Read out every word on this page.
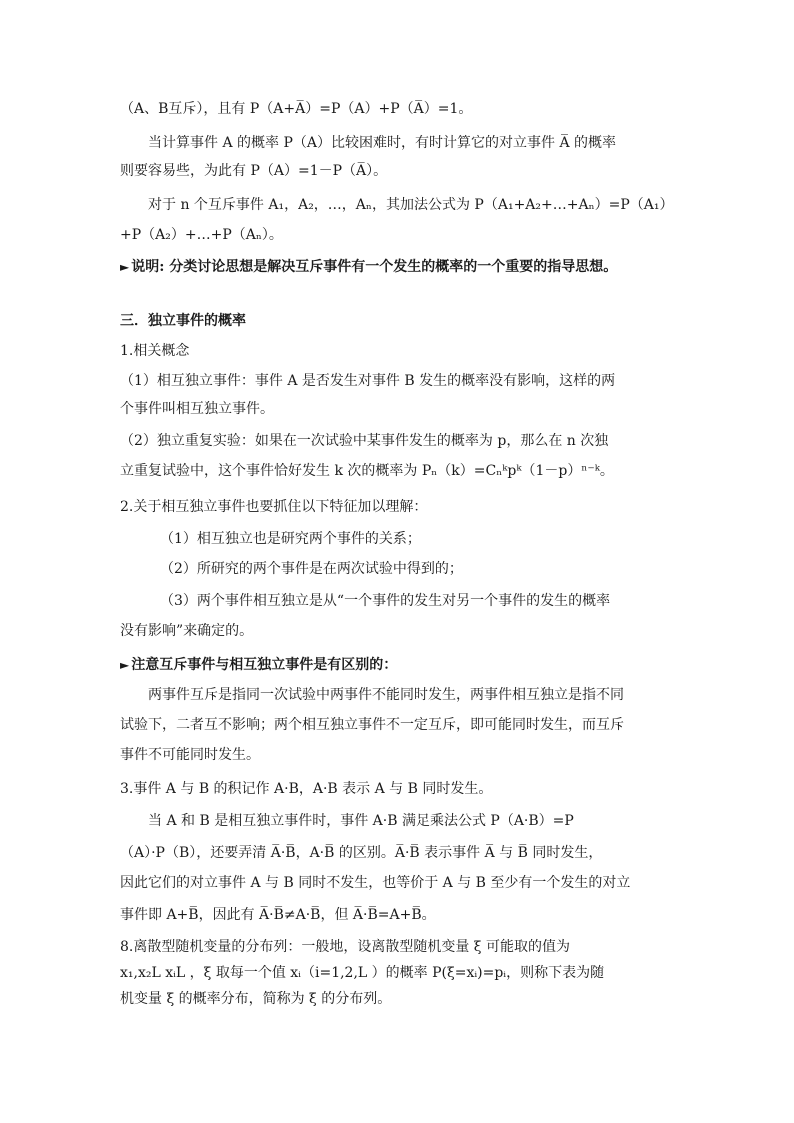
（A、B互斥），且有 P（A+A̅）=P（A）+P（A̅）=1。
当计算事件 A 的概率 P（A）比较困难时，有时计算它的对立事件 A̅ 的概率
则要容易些，为此有 P（A）=1－P（A̅）。
对于 n 个互斥事件 A₁，A₂，…，Aₙ，其加法公式为 P（A₁+A₂+…+Aₙ）=P（A₁）
+P（A₂）+…+P（Aₙ）。
► 说明: 分类讨论思想是解决互斥事件有一个发生的概率的一个重要的指导思想。
三．独立事件的概率
1.相关概念
（1）相互独立事件：事件 A 是否发生对事件 B 发生的概率没有影响，这样的两
个事件叫相互独立事件。
（2）独立重复实验：如果在一次试验中某事件发生的概率为 p，那么在 n 次独
立重复试验中，这个事件恰好发生 k 次的概率为 Pₙ（k）=Cₙᵏpᵏ（1－p）ⁿ⁻ᵏ。
2.关于相互独立事件也要抓住以下特征加以理解：
（1）相互独立也是研究两个事件的关系；
（2）所研究的两个事件是在两次试验中得到的；
（3）两个事件相互独立是从“一个事件的发生对另一个事件的发生的概率
没有影响”来确定的。
► 注意互斥事件与相互独立事件是有区别的：
两事件互斥是指同一次试验中两事件不能同时发生，两事件相互独立是指不同
试验下，二者互不影响；两个相互独立事件不一定互斥，即可能同时发生，而互斥
事件不可能同时发生。
3.事件 A 与 B 的积记作 A·B，A·B 表示 A 与 B 同时发生。
当 A 和 B 是相互独立事件时，事件 A·B 满足乘法公式 P（A·B）=P
（A）·P（B），还要弄清 A̅·B̅，A·B̅ 的区别。A̅·B̅ 表示事件 A̅ 与 B̅ 同时发生，
因此它们的对立事件 A 与 B 同时不发生，也等价于 A 与 B 至少有一个发生的对立
事件即 A+B̅，因此有 A̅·B̅≠A·B̅，但 A̅·B̅=A+B̅。
8.离散型随机变量的分布列：一般地，设离散型随机变量 ξ 可能取的值为
x₁,x₂L xᵢL ，ξ 取每一个值 xᵢ（i=1,2,L ）的概率 P(ξ=xᵢ)=pᵢ，则称下表为随
机变量 ξ 的概率分布，简称为 ξ 的分布列。
